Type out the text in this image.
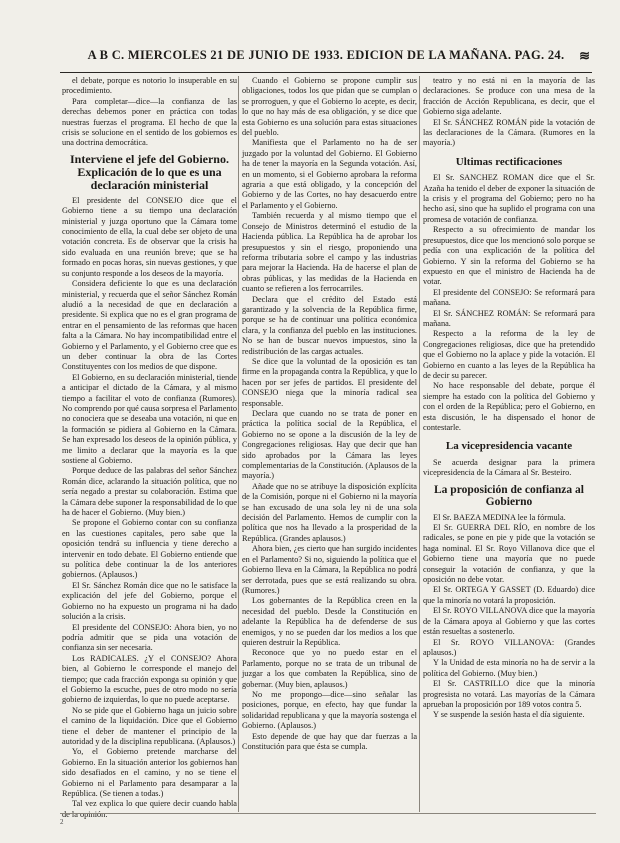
A B C. MIERCOLES 21 DE JUNIO DE 1933. EDICION DE LA MAÑANA. PAG. 24.	≋

el debate, porque es notorio lo insuperable en su procedimiento.

Para completar—dice—la confianza de las derechas debemos poner en práctica con todas nuestras fuerzas el programa. El hecho de que la crisis se solucione en el sentido de los gobiernos es una doctrina democrática.

Interviene el jefe del Gobierno. Explicación de lo que es una declaración ministerial

El presidente del CONSEJO dice que el Gobierno tiene a su tiempo una declaración ministerial y juzga oportuno que la Cámara tome conocimiento de ella, la cual debe ser objeto de una votación concreta. Es de observar que la crisis ha sido evaluada en una reunión breve; que se ha formado en pocas horas, sin nuevas gestiones, y que su conjunto responde a los deseos de la mayoría.

Considera deficiente lo que es una declaración ministerial, y recuerda que el señor Sánchez Román aludió a la necesidad de que en declaración a presidente. Si explica que no es el gran programa de entrar en el pensamiento de las reformas que hacen falta a la Cámara. No hay incompatibilidad entre el Gobierno y el Parlamento, y el Gobierno cree que es un deber continuar la obra de las Cortes Constituyentes con los medios de que dispone.

El Gobierno, en su declaración ministerial, tiende a anticipar el dictado de la Cámara, y al mismo tiempo a facilitar el voto de confianza (Rumores). No comprendo por qué causa sorpresa el Parlamento no conociera que se deseaba una votación, ni que en la formación se pidiera al Gobierno en la Cámara. Se han expresado los deseos de la opinión pública, y me limito a declarar que la mayoría es la que sostiene al Gobierno.

Porque deduce de las palabras del señor Sánchez Román dice, aclarando la situación política, que no sería negado a prestar su colaboración. Estima que la Cámara debe suponer la responsabilidad de lo que ha de hacer el Gobierno. (Muy bien.)

Se propone el Gobierno contar con su confianza en las cuestiones capitales, pero sabe que la oposición tendrá su influencia y tiene derecho a intervenir en todo debate. El Gobierno entiende que su política debe continuar la de los anteriores gobiernos. (Aplausos.)

El Sr. Sánchez Román dice que no le satisface la explicación del jefe del Gobierno, porque el Gobierno no ha expuesto un programa ni ha dado solución a la crisis.

El presidente del CONSEJO: Ahora bien, yo no podría admitir que se pida una votación de confianza sin ser necesaria.

Los RADICALES. ¿Y el CONSEJO? Ahora bien, al Gobierno le corresponde el manejo del tiempo; que cada fracción exponga su opinión y que el Gobierno la escuche, pues de otro modo no sería gobierno de izquierdas, lo que no puede aceptarse.

No se pide que el Gobierno haga un juicio sobre el camino de la liquidación. Dice que el Gobierno tiene el deber de mantener el principio de la autoridad y de la disciplina republicana. (Aplausos.)

Yo, el Gobierno pretende marcharse del Gobierno. En la situación anterior los gobiernos han sido desafiados en el camino, y no se tiene el Gobierno ni el Parlamento para desamparar a la República. (Se tienen a todas.)

Tal vez explica lo que quiere decir cuando habla de la opinión.

Cuando el Gobierno se propone cumplir sus obligaciones, todos los que pidan que se cumplan o se prorroguen, y que el Gobierno lo acepte, es decir, lo que no hay más de esa obligación, y se dice que esta Gobierno es una solución para estas situaciones del pueblo.

Manifiesta que el Parlamento no ha de ser juzgado por la voluntad del Gobierno. El Gobierno ha de tener la mayoría en la Segunda votación. Así, en un momento, si el Gobierno aprobara la reforma agraria a que está obligado, y la concepción del Gobierno y de las Cortes, no hay desacuerdo entre el Parlamento y el Gobierno.

También recuerda y al mismo tiempo que el Consejo de Ministros determinó el estudio de la Hacienda pública. La República ha de aprobar los presupuestos y sin el riesgo, proponiendo una reforma tributaria sobre el campo y las industrias para mejorar la Hacienda. Ha de hacerse el plan de obras públicas, y las medidas de la Hacienda en cuanto se refieren a los ferrocarriles.

Declara que el crédito del Estado está garantizado y la solvencia de la República firme, porque se ha de continuar una política económica clara, y la confianza del pueblo en las instituciones. No se han de buscar nuevos impuestos, sino la redistribución de las cargas actuales.

Se dice que la voluntad de la oposición es tan firme en la propaganda contra la República, y que lo hacen por ser jefes de partidos. El presidente del CONSEJO niega que la minoría radical sea responsable.

Declara que cuando no se trata de poner en práctica la política social de la República, el Gobierno no se opone a la discusión de la ley de Congregaciones religiosas. Hay que decir que han sido aprobados por la Cámara las leyes complementarias de la Constitución. (Aplausos de la mayoría.)

Añade que no se atribuye la disposición explícita de la Comisión, porque ni el Gobierno ni la mayoría se han excusado de una sola ley ni de una sola decisión del Parlamento. Hemos de cumplir con la política que nos ha llevado a la prosperidad de la República. (Grandes aplausos.)

Ahora bien, ¿es cierto que han surgido incidentes en el Parlamento? Si no, siguiendo la política que el Gobierno lleva en la Cámara, la República no podrá ser derrotada, pues que se está realizando su obra. (Rumores.)

Los gobernantes de la República creen en la necesidad del pueblo. Desde la Constitución en adelante la República ha de defenderse de sus enemigos, y no se pueden dar los medios a los que quieren destruir la República.

Reconoce que yo no puedo estar en el Parlamento, porque no se trata de un tribunal de juzgar a los que combaten la República, sino de gobernar. (Muy bien, aplausos.)

No me propongo—dice—sino señalar las posiciones, porque, en efecto, hay que fundar la solidaridad republicana y que la mayoría sostenga el Gobierno. (Aplausos.)

Esto depende de que hay que dar fuerzas a la Constitución para que ésta se cumpla.

teatro y no está ni en la mayoría de las declaraciones. Se produce con una mesa de la fracción de Acción Republicana, es decir, que el Gobierno siga adelante.

El Sr. SÁNCHEZ ROMÁN pide la votación de las declaraciones de la Cámara. (Rumores en la mayoría.)

Ultimas rectificaciones

El Sr. SANCHEZ ROMAN dice que el Sr. Azaña ha tenido el deber de exponer la situación de la crisis y el programa del Gobierno; pero no ha hecho así, sino que ha suplido el programa con una promesa de votación de confianza.

Respecto a su ofrecimiento de mandar los presupuestos, dice que los mencionó solo porque se pedía con una explicación de la política del Gobierno. Y sin la reforma del Gobierno se ha expuesto en que el ministro de Hacienda ha de votar.

El presidente del CONSEJO: Se reformará para mañana.

El Sr. SÁNCHEZ ROMÁN: Se reformará para mañana.

Respecto a la reforma de la ley de Congregaciones religiosas, dice que ha pretendido que el Gobierno no la aplace y pide la votación. El Gobierno en cuanto a las leyes de la República ha de decir su parecer.

No hace responsable del debate, porque él siempre ha estado con la política del Gobierno y con el orden de la República; pero el Gobierno, en esta discusión, le ha dispensado el honor de contestarle.

La vicepresidencia vacante

Se acuerda designar para la primera vicepresidencia de la Cámara al Sr. Besteiro.

La proposición de confianza al Gobierno

El Sr. BAEZA MEDINA lee la fórmula.

El Sr. GUERRA DEL RÍO, en nombre de los radicales, se pone en pie y pide que la votación se haga nominal. El Sr. Royo Villanova dice que el Gobierno tiene una mayoría que no puede conseguir la votación de confianza, y que la oposición no debe votar.

El Sr. ORTEGA Y GASSET (D. Eduardo) dice que la minoría no votará la proposición.

El Sr. ROYO VILLANOVA dice que la mayoría de la Cámara apoya al Gobierno y que las cortes están resueltas a sostenerlo.

El Sr. ROYO VILLANOVA: (Grandes aplausos.)

Y la Unidad de esta minoría no ha de servir a la política del Gobierno. (Muy bien.)

El Sr. CASTRILLO dice que la minoría progresista no votará. Las mayorías de la Cámara aprueban la proposición por 189 votos contra 5.

Y se suspende la sesión hasta el día siguiente.

2
